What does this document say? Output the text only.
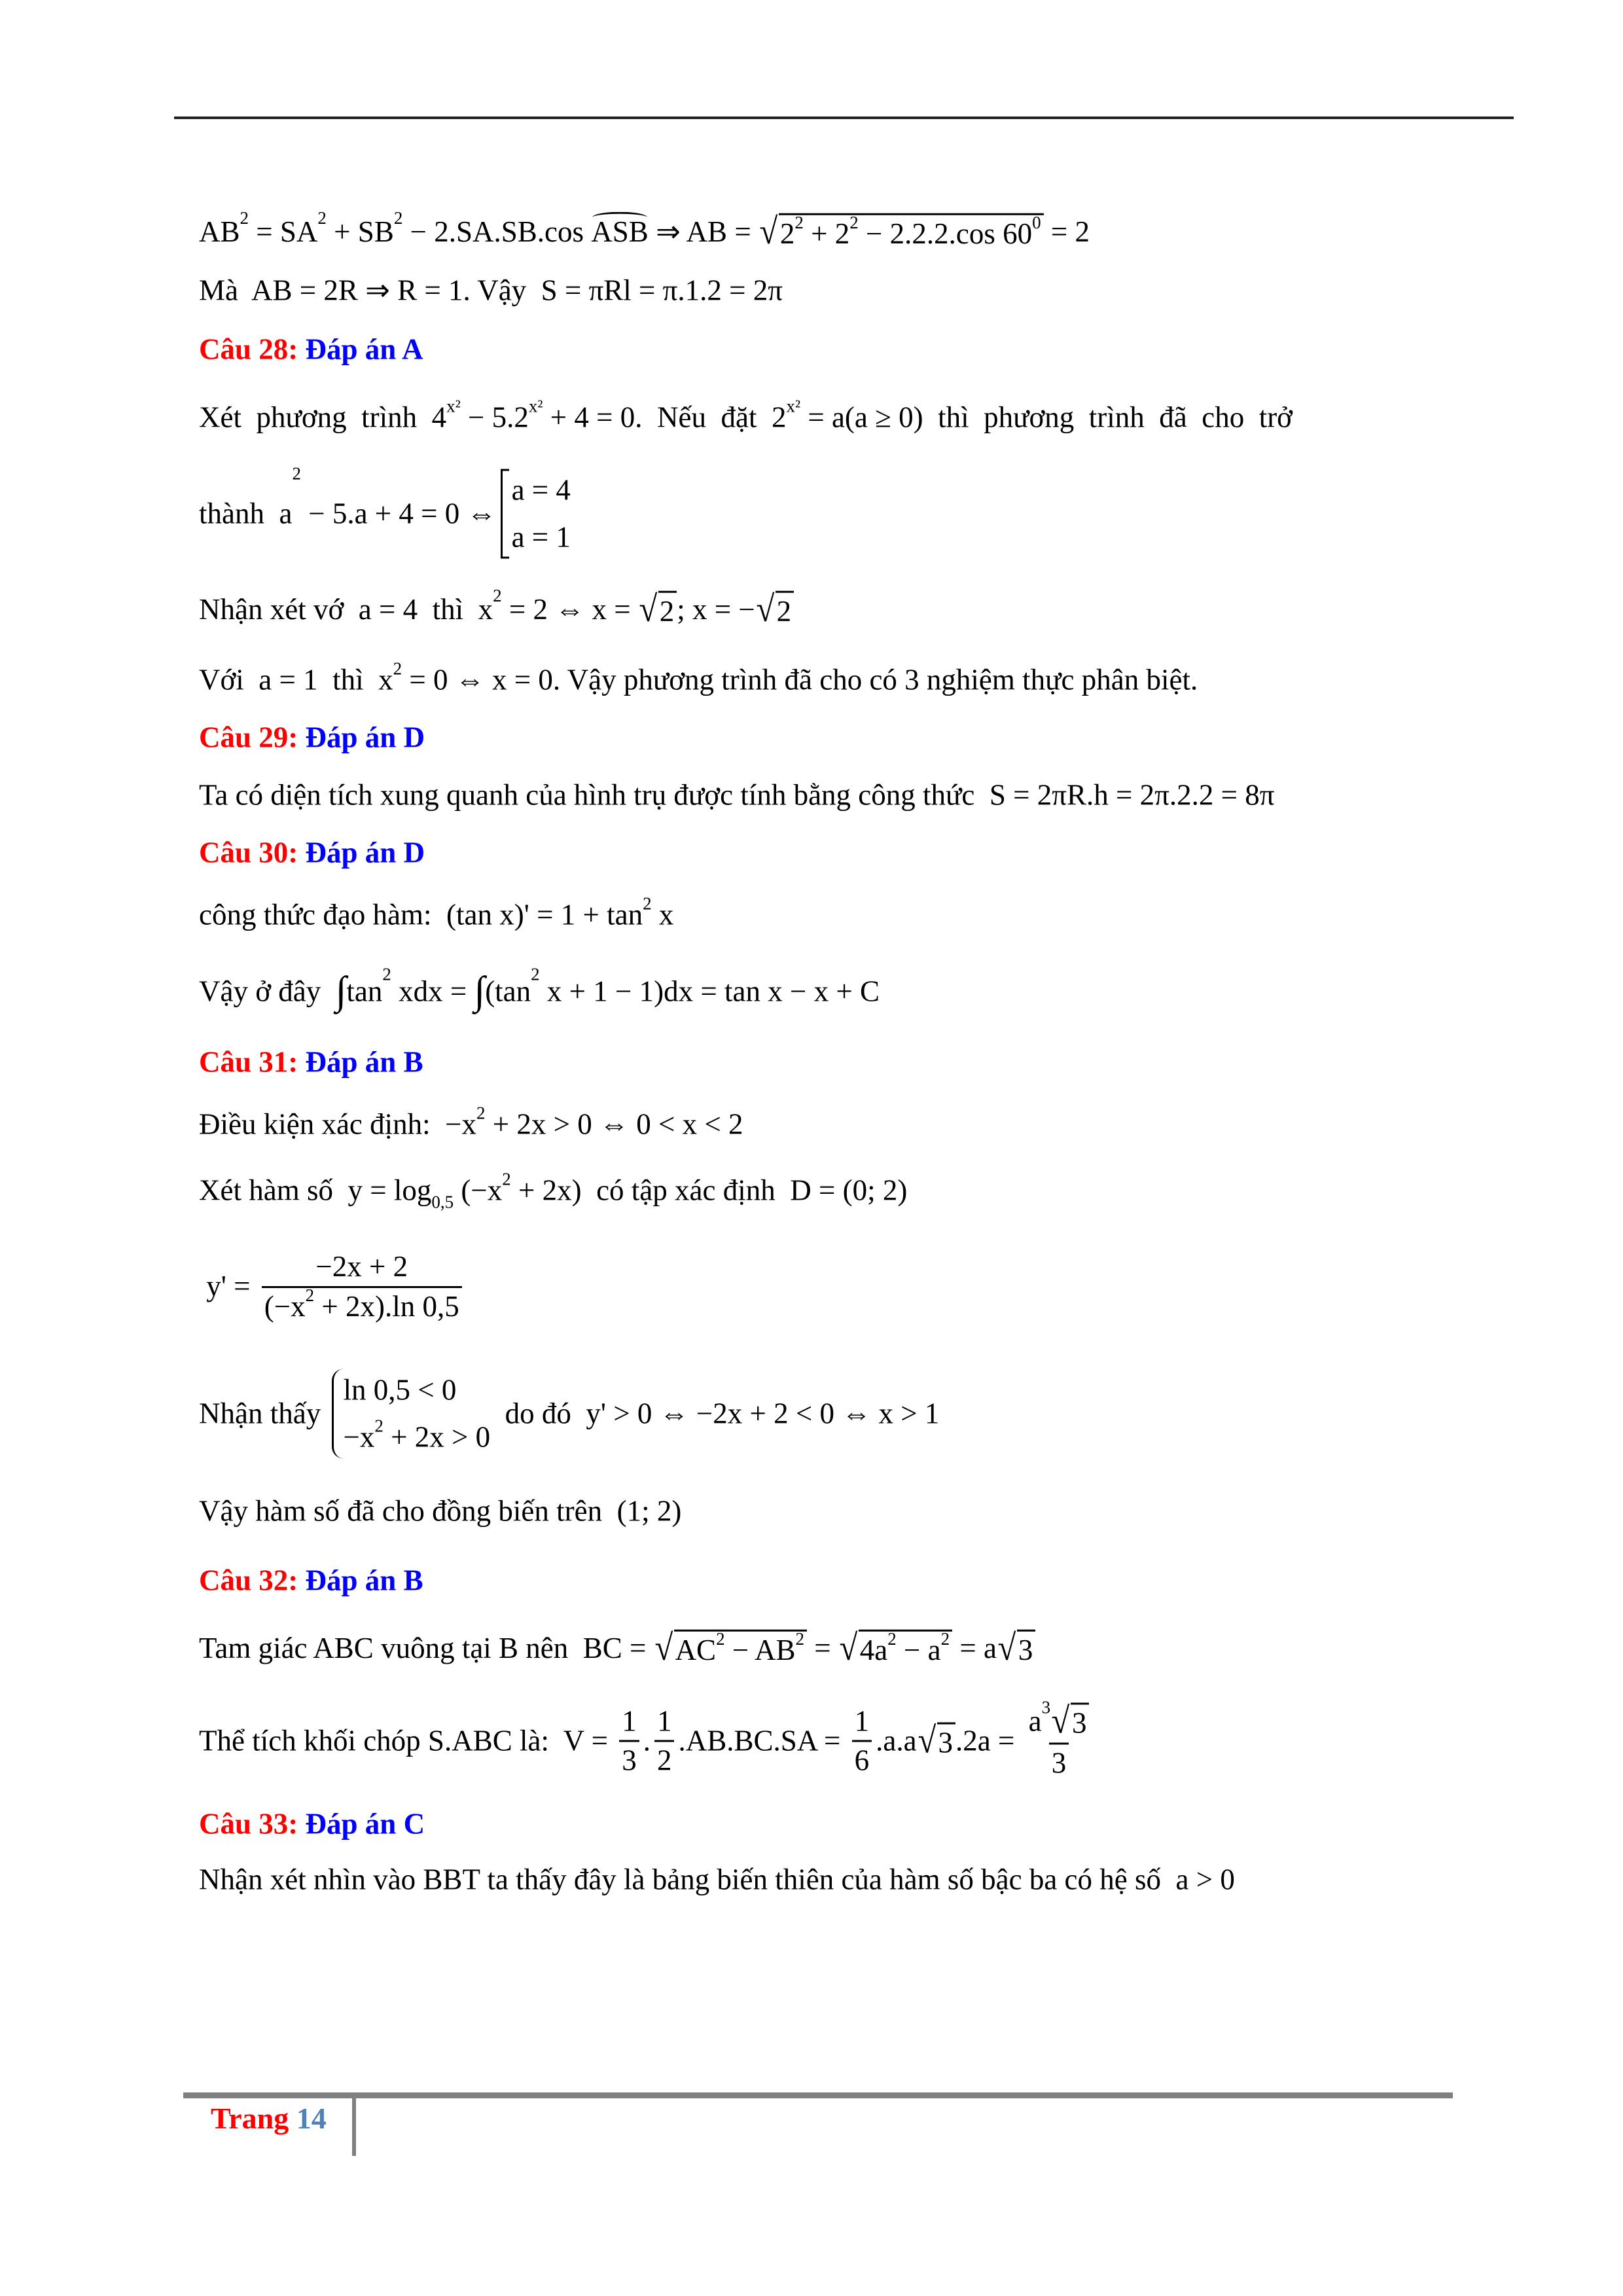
AB 2 = SA 2 + SB 2 − 2.SA.SB.cos ASB ⇒ AB = √ 2 2 + 2 2 − 2.2.2.cos 60 0 = 2
Mà  AB = 2R ⇒ R = 1. Vậy  S = πRl = π.1.2 = 2π
Câu 28: Đáp án A
Xét  phương  trình  4 x² − 5.2 x² + 4 = 0.  Nếu  đặt  2 x² = a(a ≥ 0)  thì  phương  trình  đã  cho  trở
thành  a
2
− 5.a + 4 = 0 ⇔
a = 4
a = 1
Nhận xét vớ  a = 4  thì  x 2 = 2 ⇔ x = √ 2 ; x = − √ 2
Với  a = 1  thì  x 2 = 0 ⇔ x = 0. Vậy phương trình đã cho có 3 nghiệm thực phân biệt.
Câu 29: Đáp án D
Ta có diện tích xung quanh của hình trụ được tính bằng công thức  S = 2πR.h = 2π.2.2 = 8π
Câu 30: Đáp án D
công thức đạo hàm:  (tan x)' = 1 + tan 2 x
Vậy ở đây ∫ tan
2
xdx = ∫ (tan
2
x + 1 − 1)dx = tan x − x + C
Câu 31: Đáp án B
Điều kiện xác định:  −x 2 + 2x > 0 ⇔ 0 < x < 2
Xét hàm số  y = log 0,5 (−x 2 + 2x)  có tập xác định  D = (0; 2)
$y' = \frac{-2x + 2}{(-x 2 + 2x).\ln 0,5}$
Nhận thấy
ln 0,5 < 0
−x 2 + 2x > 0
do đó  y' > 0 ⇔ −2x + 2 < 0 ⇔ x > 1
Vậy hàm số đã cho đồng biến trên  (1; 2)
Câu 32: Đáp án B
Tam giác ABC vuông tại B nên  BC = √ AC 2 − AB 2 = √ 4a 2 − a 2 = a √ 3
Thể tích khối chóp S.ABC là:  $V = \frac{1}{3}$ . $\frac{1}{2} .AB.BC.SA = \frac{1}{6} .a.a$ √ 3 $.2a = \frac{a 3 √ 3}{3}$
Câu 33: Đáp án C
Nhận xét nhìn vào BBT ta thấy đây là bảng biến thiên của hàm số bậc ba có hệ số  a > 0
Trang 14
